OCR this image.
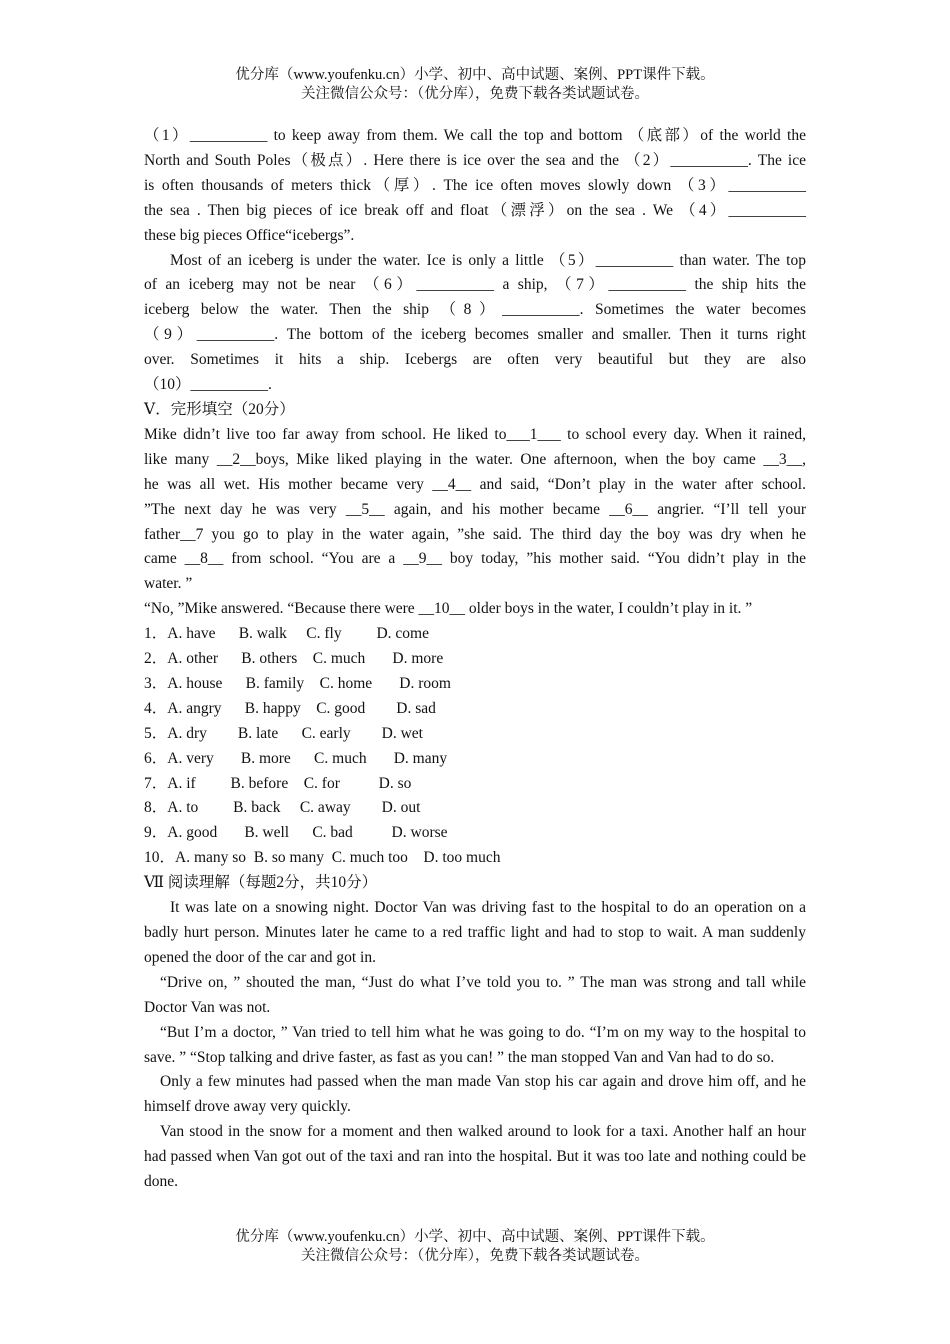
优分库（www.youfenku.cn）小学、初中、高中试题、案例、PPT课件下载。
关注微信公众号：（优分库），免费下载各类试题试卷。
（1）__________ to keep away from them. We call the top and bottom （底部）of the world the
North and South Poles（极点）. Here there is ice over the sea and the （2）__________. The ice
is often thousands of meters thick（厚）. The ice often moves slowly down （3）__________
the sea . Then big pieces of ice break off and float（漂浮）on the sea . We （4）__________
these big pieces Office“icebergs”.
Most of an iceberg is under the water. Ice is only a little （5）__________ than water. The top
of an iceberg may not be near （6）__________ a ship, （7）__________ the ship hits the
iceberg below the water. Then the ship （8）__________. Sometimes the water becomes
（9）__________. The bottom of the iceberg becomes smaller and smaller. Then it turns right
over. Sometimes it hits a ship. Icebergs are often very beautiful but they are also
（10）__________.
Ⅴ．完形填空（20分）
Mike didn’t live too far away from school. He liked to___1___ to school every day. When it rained,
like many __2__boys, Mike liked playing in the water. One afternoon, when the boy came __3__,
he was all wet. His mother became very __4__ and said, “Don’t play in the water after school.
”The next day he was very __5__ again, and his mother became __6__ angrier. “I’ll tell your
father__7 you go to play in the water again, ”she said. The third day the boy was dry when he
came __8__ from school. “You are a __9__ boy today, ”his mother said. “You didn’t play in the
water. ”
“No, ”Mike answered. “Because there were __10__ older boys in the water, I couldn’t play in it. ”
1．A. have      B. walk     C. fly         D. come
2．A. other      B. others    C. much       D. more
3．A. house      B. family    C. home       D. room
4．A. angry      B. happy    C. good        D. sad
5．A. dry        B. late      C. early        D. wet
6．A. very       B. more      C. much       D. many
7．A. if         B. before    C. for          D. so
8．A. to         B. back     C. away        D. out
9．A. good       B. well      C. bad          D. worse
10．A. many so  B. so many  C. much too    D. too much
Ⅶ 阅读理解（每题2分，共10分）
It was late on a snowing night. Doctor Van was driving fast to the hospital to do an operation on a badly hurt person. Minutes later he came to a red traffic light and had to stop to wait. A man suddenly opened the door of the car and got in.
“Drive on, ” shouted the man, “Just do what I’ve told you to. ” The man was strong and tall while Doctor Van was not.
“But I’m a doctor, ” Van tried to tell him what he was going to do. “I’m on my way to the hospital to save. ” “Stop talking and drive faster, as fast as you can! ” the man stopped Van and Van had to do so.
Only a few minutes had passed when the man made Van stop his car again and drove him off, and he himself drove away very quickly.
Van stood in the snow for a moment and then walked around to look for a taxi. Another half an hour had passed when Van got out of the taxi and ran into the hospital. But it was too late and nothing could be done.
优分库（www.youfenku.cn）小学、初中、高中试题、案例、PPT课件下载。
关注微信公众号：（优分库），免费下载各类试题试卷。
